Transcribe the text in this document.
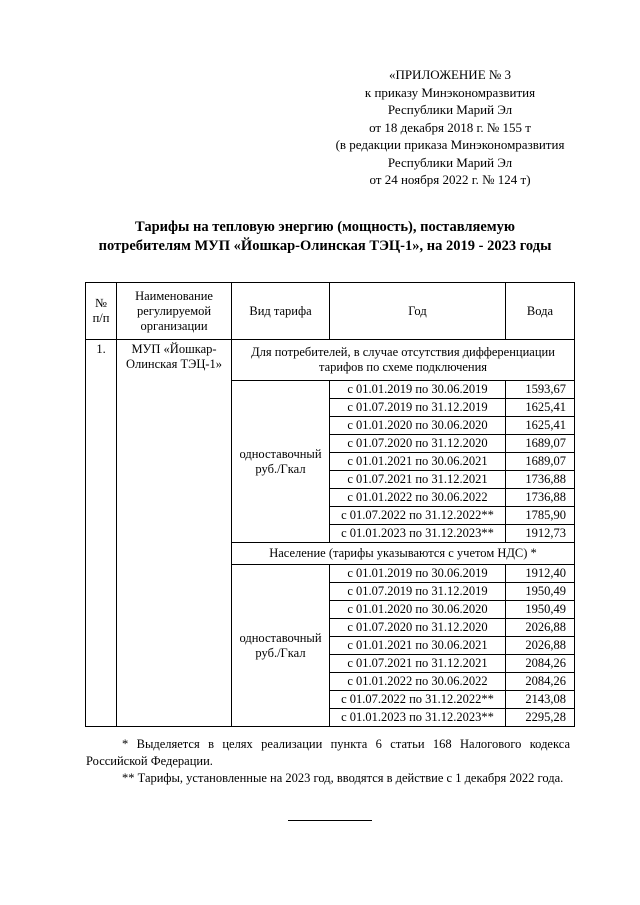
«ПРИЛОЖЕНИЕ № 3
к приказу Минэкономразвития
Республики Марий Эл
от 18 декабря 2018 г. № 155 т
(в редакции приказа Минэкономразвития
Республики Марий Эл
от 24 ноября 2022 г. № 124 т)
Тарифы на тепловую энергию (мощность), поставляемую
потребителям МУП «Йошкар-Олинская ТЭЦ-1», на 2019 - 2023 годы
№ п/п	Наименование регулируемой организации	Вид тарифа	Год	Вода
1.	МУП «Йошкар-Олинская ТЭЦ-1»	Для потребителей, в случае отсутствия дифференциации тарифов по схеме подключения		
		одноставочный руб./Гкал	с 01.01.2019 по 30.06.2019	1593,67
			с 01.07.2019 по 31.12.2019	1625,41
			с 01.01.2020 по 30.06.2020	1625,41
			с 01.07.2020 по 31.12.2020	1689,07
			с 01.01.2021 по 30.06.2021	1689,07
			с 01.07.2021 по 31.12.2021	1736,88
			с 01.01.2022 по 30.06.2022	1736,88
			с 01.07.2022 по 31.12.2022**	1785,90
			с 01.01.2023 по 31.12.2023**	1912,73
		Население (тарифы указываются с учетом НДС) *		
		одноставочный руб./Гкал	с 01.01.2019 по 30.06.2019	1912,40
			с 01.07.2019 по 31.12.2019	1950,49
			с 01.01.2020 по 30.06.2020	1950,49
			с 01.07.2020 по 31.12.2020	2026,88
			с 01.01.2021 по 30.06.2021	2026,88
			с 01.07.2021 по 31.12.2021	2084,26
			с 01.01.2022 по 30.06.2022	2084,26
			с 01.07.2022 по 31.12.2022**	2143,08
			с 01.01.2023 по 31.12.2023**	2295,28

* Выделяется в целях реализации пункта 6 статьи 168 Налогового кодекса Российской Федерации.

** Тарифы, установленные на 2023 год, вводятся в действие с 1 декабря 2022 года.
